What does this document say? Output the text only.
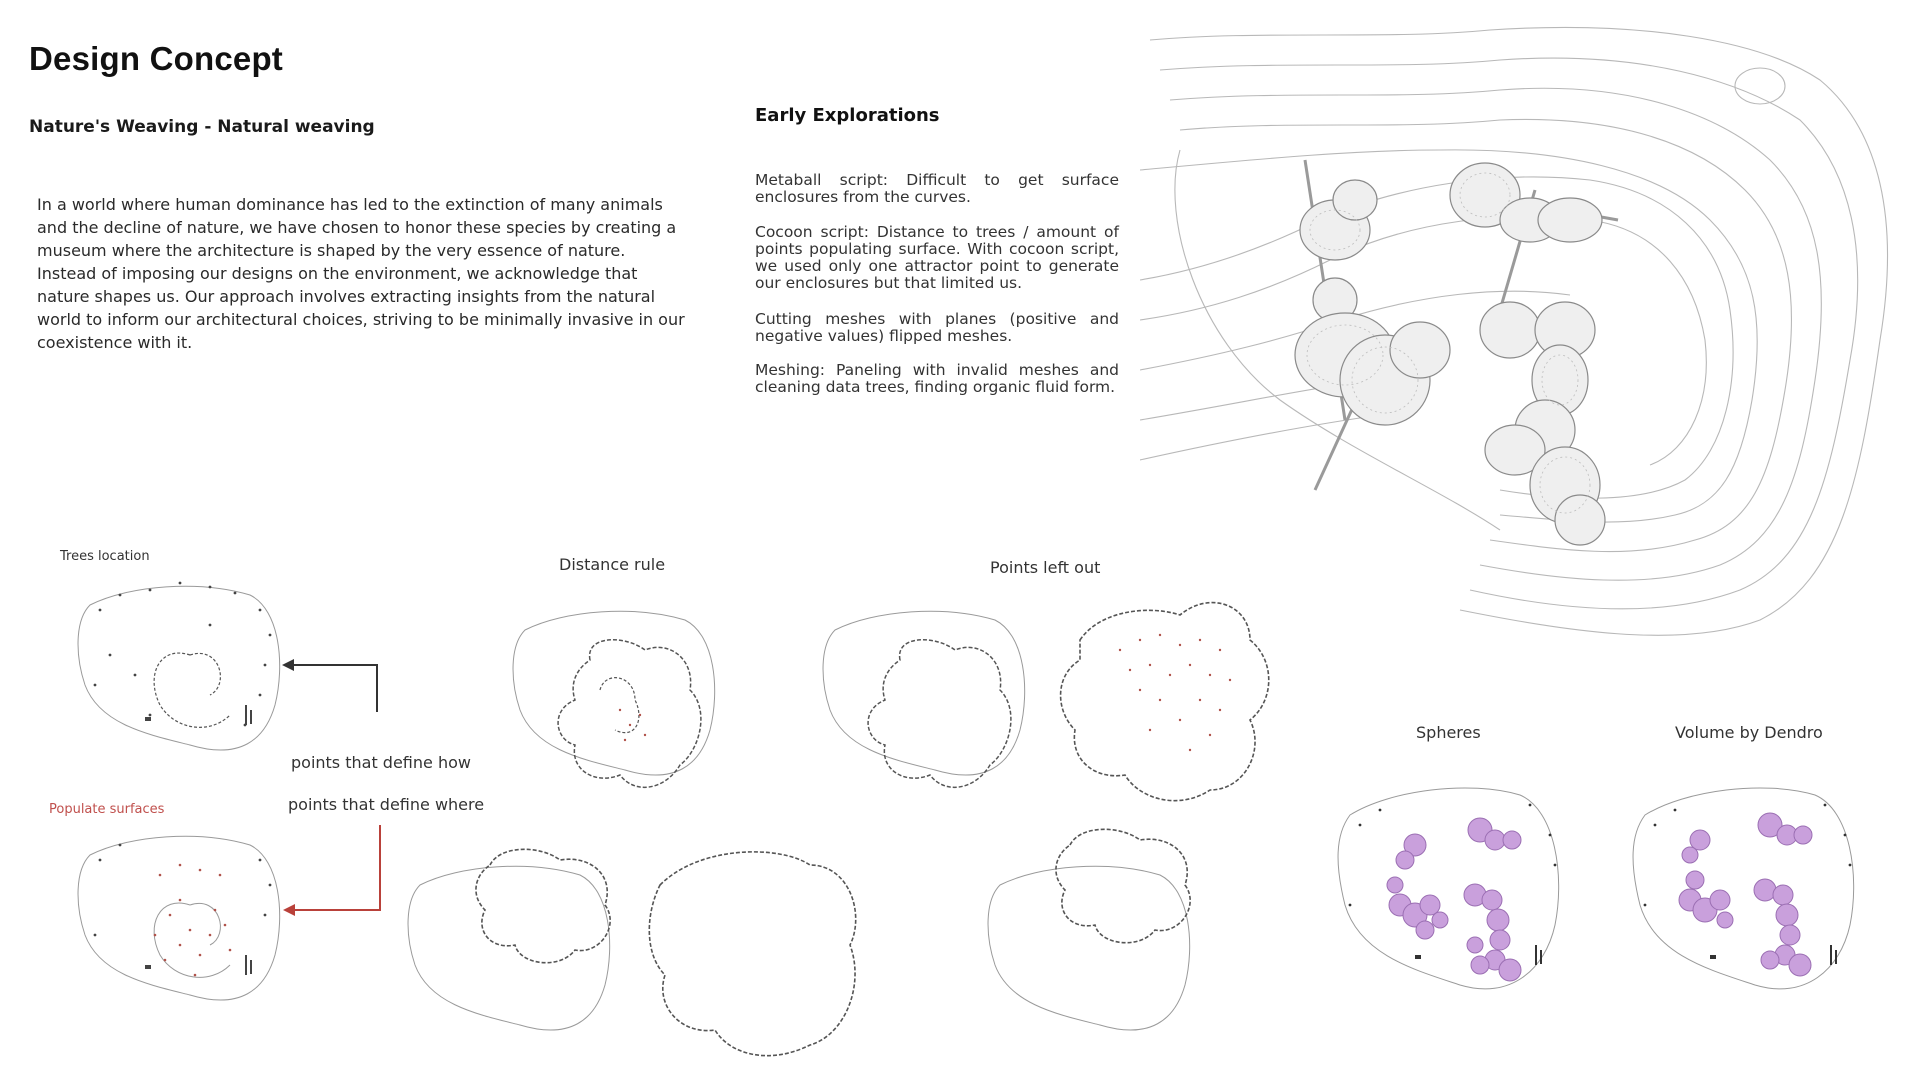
Design Concept
Nature's Weaving - Natural weaving
In a world where human dominance has led to the extinction of many animals and the decline of nature, we have chosen to honor these species by creating a museum where the architecture is shaped by the very essence of nature. Instead of imposing our designs on the environment, we acknowledge that nature shapes us. Our approach involves extracting insights from the natural world to inform our architectural choices, striving to be minimally invasive in our coexistence with it.
Early Explorations
Metaball script: Difficult to get surface enclosures from the curves.
Cocoon script: Distance to trees / amount of points populating surface. With cocoon script, we used only one attractor point to generate our enclosures but that limited us.
Cutting meshes with planes (positive and negative values) flipped meshes.
Meshing: Paneling with invalid meshes and cleaning data trees, finding organic fluid form.
Trees location
points that define how
points that define where
Populate surfaces
Distance rule	Points left out
Spheres	Volume by Dendro
